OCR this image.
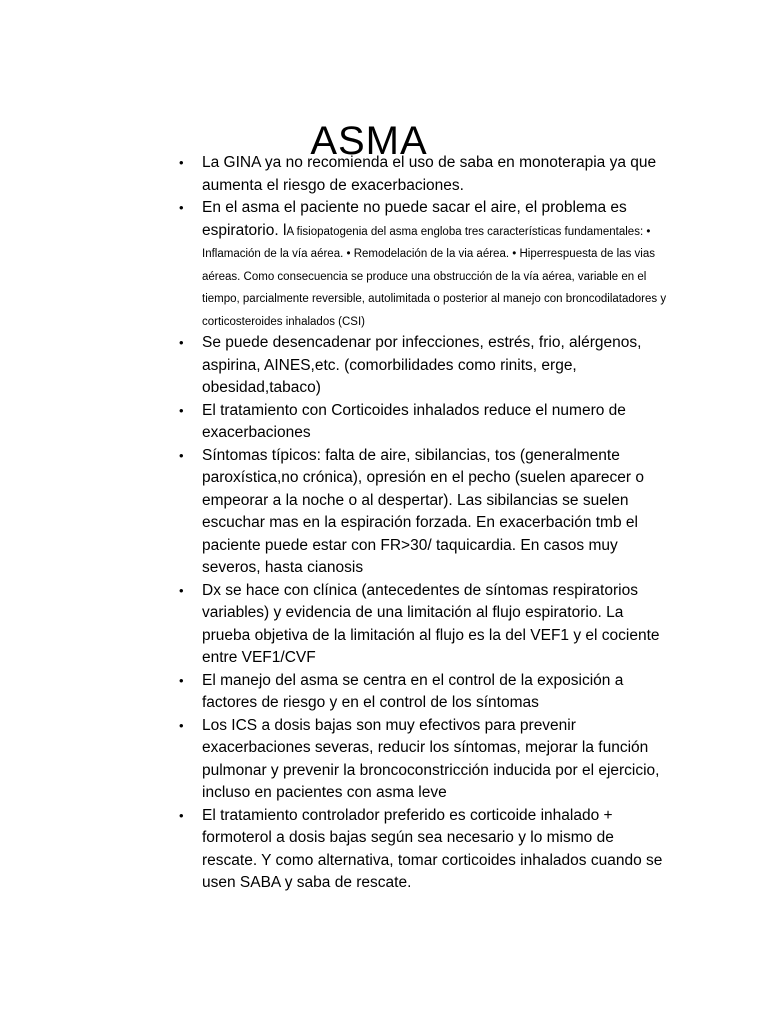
ASMA
• La GINA ya no recomienda el uso de saba en monoterapia ya que aumenta el riesgo de exacerbaciones.
• En el asma el paciente no puede sacar el aire, el problema es espiratorio. lA fisiopatogenia del asma engloba tres características fundamentales: • Inflamación de la vía aérea. • Remodelación de la via aérea. • Hiperrespuesta de las vias aéreas. Como consecuencia se produce una obstrucción de la vía aérea, variable en el tiempo, parcialmente reversible, autolimitada o posterior al manejo con broncodilatadores y corticosteroides inhalados (CSI)
• Se puede desencadenar por infecciones, estrés, frio, alérgenos, aspirina, AINES,etc. (comorbilidades como rinits, erge, obesidad,tabaco)
• El tratamiento con Corticoides inhalados reduce el numero de exacerbaciones
• Síntomas típicos: falta de aire, sibilancias, tos (generalmente paroxística,no crónica), opresión en el pecho (suelen aparecer o empeorar a la noche o al despertar). Las sibilancias se suelen escuchar mas en la espiración forzada. En exacerbación tmb el paciente puede estar con FR>30/ taquicardia. En casos muy severos, hasta cianosis
• Dx se hace con clínica (antecedentes de síntomas respiratorios variables) y evidencia de una limitación al flujo espiratorio. La prueba objetiva de la limitación al flujo es la del VEF1 y el cociente entre VEF1/CVF
• El manejo del asma se centra en el control de la exposición a factores de riesgo y en el control de los síntomas
• Los ICS a dosis bajas son muy efectivos para prevenir exacerbaciones severas, reducir los síntomas, mejorar la función pulmonar y prevenir la broncoconstricción inducida por el ejercicio, incluso en pacientes con asma leve
• El tratamiento controlador preferido es corticoide inhalado + formoterol a dosis bajas según sea necesario y lo mismo de rescate. Y como alternativa, tomar corticoides inhalados cuando se usen SABA y saba de rescate.
